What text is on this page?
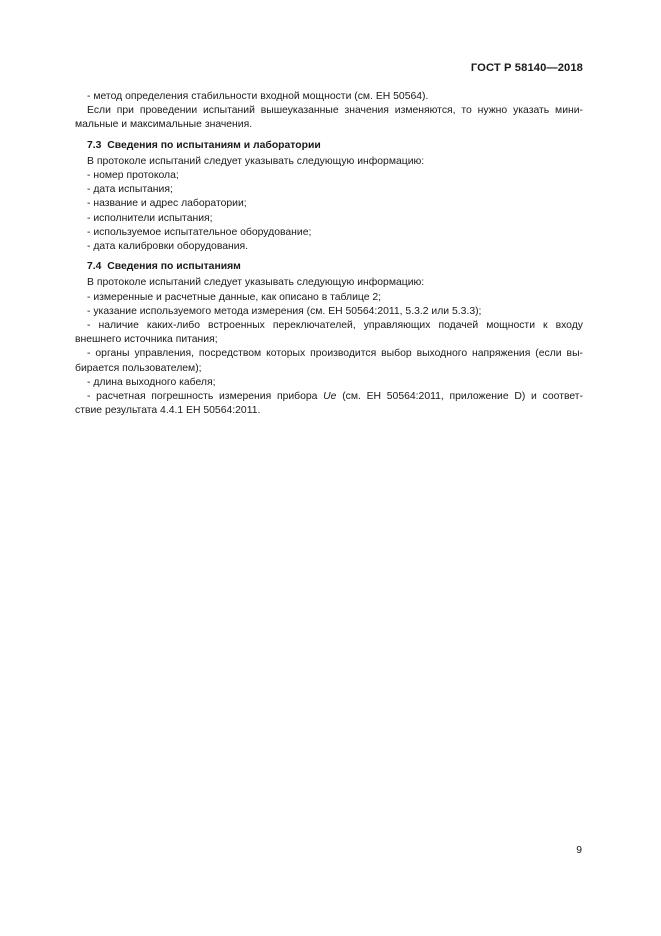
ГОСТ Р 58140—2018

- метод определения стабильности входной мощности (см. ЕН 50564).

Если при проведении испытаний вышеуказанные значения изменяются, то нужно указать мини-

мальные и максимальные значения.

7.3 Сведения по испытаниям и лаборатории

В протоколе испытаний следует указывать следующую информацию:

- номер протокола;
- дата испытания;
- название и адрес лаборатории;
- исполнители испытания;
- используемое испытательное оборудование;
- дата калибровки оборудования.

7.4 Сведения по испытаниям

В протоколе испытаний следует указывать следующую информацию:

- измеренные и расчетные данные, как описано в таблице 2;

- указание используемого метода измерения (см. ЕН 50564:2011, 5.3.2 или 5.3.3);

- наличие каких-либо встроенных переключателей, управляющих подачей мощности к входу

внешнего источника питания;

- органы управления, посредством которых производится выбор выходного напряжения (если вы-

бирается пользователем);

- длина выходного кабеля;

- расчетная погрешность измерения прибора Ue (см. ЕН 50564:2011, приложение D) и соответ-

ствие результата 4.4.1 ЕН 50564:2011.

9
